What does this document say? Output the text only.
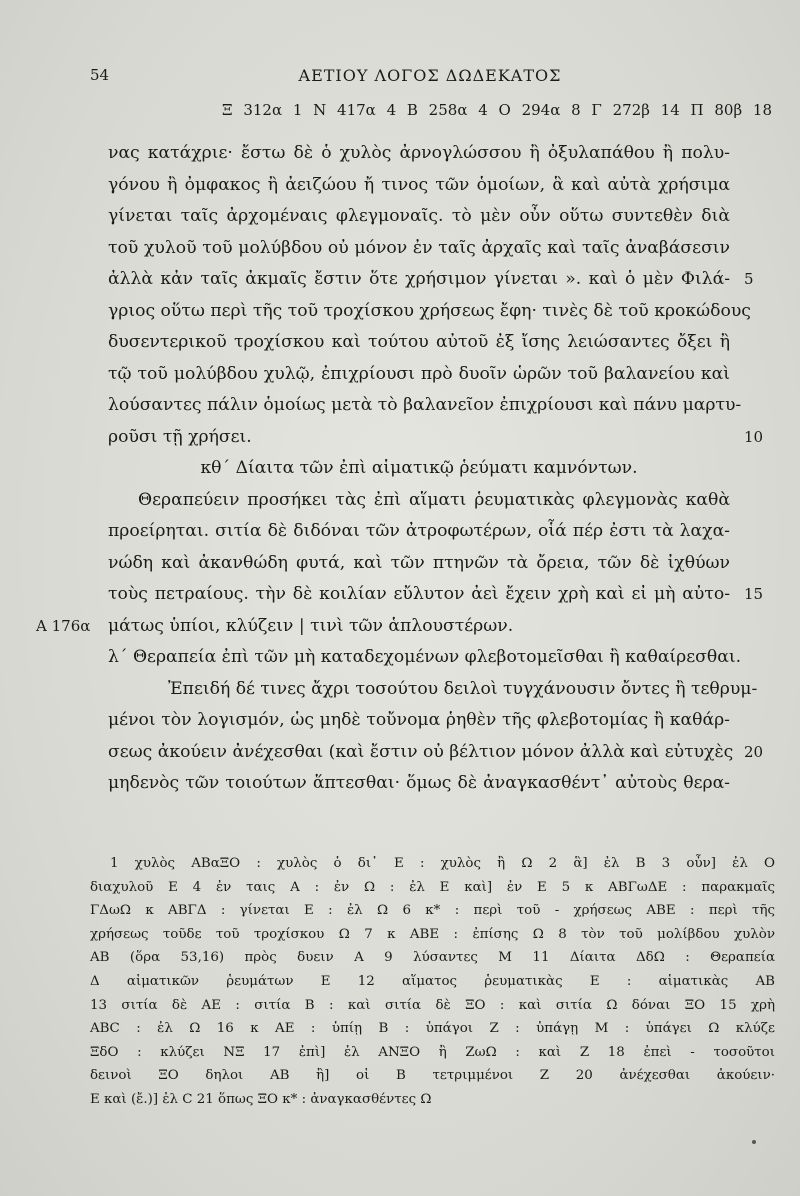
54	ΑΕΤΙΟΥ ΛΟΓΟΣ ΔΩΔΕΚΑΤΟΣ
Ξ 312α 1 Ν 417α 4 Β 258α 4 Ο 294α 8 Γ 272β 14 Π 80β 18
νας κατάχριε· ἔστω δὲ ὁ χυλὸς ἀρνογλώσσου ἢ ὀξυλαπάθου ἢ πολυ-
γόνου ἢ ὀμφακος ἢ ἀειζώου ἤ τινος τῶν ὁμοίων, ἃ καὶ αὐτὰ χρήσιμα
γίνεται ταῖς ἀρχομέναις φλεγμοναῖς. τὸ μὲν οὖν οὕτω συντεθὲν διὰ
τοῦ χυλοῦ τοῦ μολύβδου οὐ μόνον ἐν ταῖς ἀρχαῖς καὶ ταῖς ἀναβάσεσιν
ἀλλὰ κἀν ταῖς ἀκμαῖς ἔστιν ὅτε χρήσιμον γίνεται ». καὶ ὁ μὲν Φιλά- 5
γριος οὕτω περὶ τῆς τοῦ τροχίσκου χρήσεως ἔφη· τινὲς δὲ τοῦ κροκώδους
δυσεντερικοῦ τροχίσκου καὶ τούτου αὐτοῦ ἐξ ἴσης λειώσαντες ὄξει ἢ
τῷ τοῦ μολύβδου χυλῷ, ἐπιχρίουσι πρὸ δυοῖν ὡρῶν τοῦ βαλανείου καὶ
λούσαντες πάλιν ὁμοίως μετὰ τὸ βαλανεῖον ἐπιχρίουσι καὶ πάνυ μαρτυ-
ροῦσι τῇ χρήσει.	10
κθ΄ Δίαιτα τῶν ἐπὶ αἱματικῷ ῥεύματι καμνόντων.
Θεραπεύειν προσήκει τὰς ἐπὶ αἵματι ῥευματικὰς φλεγμονὰς καθὰ
προείρηται. σιτία δὲ διδόναι τῶν ἀτροφωτέρων, οἷά πέρ ἐστι τὰ λαχα-
νώδη καὶ ἀκανθώδη φυτά, καὶ τῶν πτηνῶν τὰ ὄρεια, τῶν δὲ ἰχθύων
τοὺς πετραίους. τὴν δὲ κοιλίαν εὔλυτον ἀεὶ ἔχειν χρὴ καὶ εἰ μὴ αὐτο- 15
Α 176α μάτως ὑπίοι, κλύζειν | τινὶ τῶν ἁπλουστέρων.
λ΄ Θεραπεία ἐπὶ τῶν μὴ καταδεχομένων φλεβοτομεῖσθαι ἢ καθαίρεσθαι.
Ἐπειδή δέ τινες ἄχρι τοσούτου δειλοὶ τυγχάνουσιν ὄντες ἢ τεθρυμ-
μένοι τὸν λογισμόν, ὡς μηδὲ τοὔνομα ῥηθὲν τῆς φλεβοτομίας ἢ καθάρ-
σεως ἀκούειν ἀνέχεσθαι (καὶ ἔστιν οὐ βέλτιον μόνον ἀλλὰ καὶ εὐτυχὲς 20
μηδενὸς τῶν τοιούτων ἅπτεσθαι· ὅμως δὲ ἀναγκασθέντ᾽ αὐτοὺς θερα-
1 χυλὸς ΑΒαΞΟ : χυλὸς ὁ δι᾽ Ε : χυλὸς ἢ Ω 2 ἃ] ἐλ Β 3 οὖν] ἐλ Ο
διαχυλοῦ Ε 4 ἐν ταις Α : ἐν Ω : ἐλ Ε καὶ] ἐν Ε 5 κ ΑΒΓωΔΕ : παρακμαῖς
ΓΔωΩ κ ΑΒΓΔ : γίνεται Ε : ἐλ Ω 6 κ* : περὶ τοῦ - χρήσεως ΑΒΕ : περὶ τῆς
χρήσεως τοῦδε τοῦ τροχίσκου Ω 7 κ ΑΒΕ : ἐπίσης Ω 8 τὸν τοῦ μολίβδου χυλὸν
ΑΒ (ὅρα 53,16) πρὸς δυειν Α 9 λύσαντες Μ 11 Δίαιτα ΔδΩ : Θεραπεία
Δ αἱματικῶν ῥευμάτων Ε 12 αἵματος ῥευματικὰς Ε : αἱματικὰς ΑΒ
13 σιτία δὲ ΑΕ : σιτία Β : καὶ σιτία δὲ ΞΟ : καὶ σιτία Ω δόναι ΞΟ 15 χρὴ
ΑΒC : ἐλ Ω 16 κ ΑΕ : ὑπίῃ Β : ὑπάγοι Ζ : ὑπάγῃ Μ : ὑπάγει Ω κλύζε
ΞδΟ : κλύζει ΝΞ 17 ἐπὶ] ἐλ ΑΝΞΟ ἢ ΖωΩ : καὶ Ζ 18 ἐπεὶ - τοσοῦτοι
δεινοὶ ΞΟ δηλοι ΑΒ ἢ] οἱ Β τετριμμένοι Ζ 20 ἀνέχεσθαι ἀκούειν·
Ε καὶ (ἔ.)] ἐλ C 21 ὅπως ΞΟ κ* : ἀναγκασθέντες Ω
